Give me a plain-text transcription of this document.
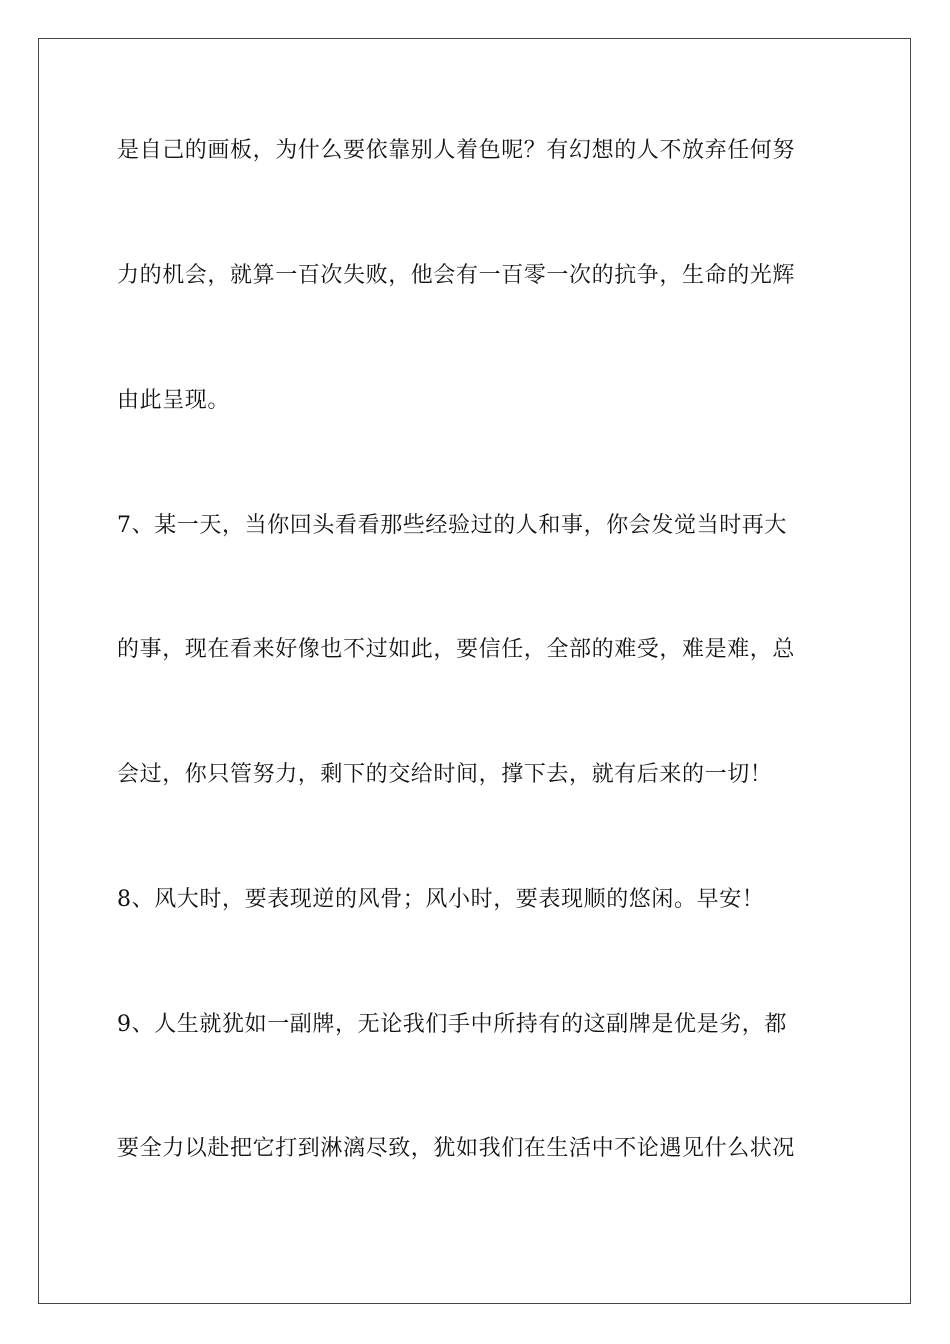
是自己的画板，为什么要依靠别人着色呢？有幻想的人不放弃任何努
力的机会，就算一百次失败，他会有一百零一次的抗争，生命的光辉
由此呈现。
7、某一天，当你回头看看那些经验过的人和事，你会发觉当时再大
的事，现在看来好像也不过如此，要信任，全部的难受，难是难，总
会过，你只管努力，剩下的交给时间，撑下去，就有后来的一切！
8、风大时，要表现逆的风骨；风小时，要表现顺的悠闲。早安！
9、人生就犹如一副牌，无论我们手中所持有的这副牌是优是劣，都
要全力以赴把它打到淋漓尽致，犹如我们在生活中不论遇见什么状况
